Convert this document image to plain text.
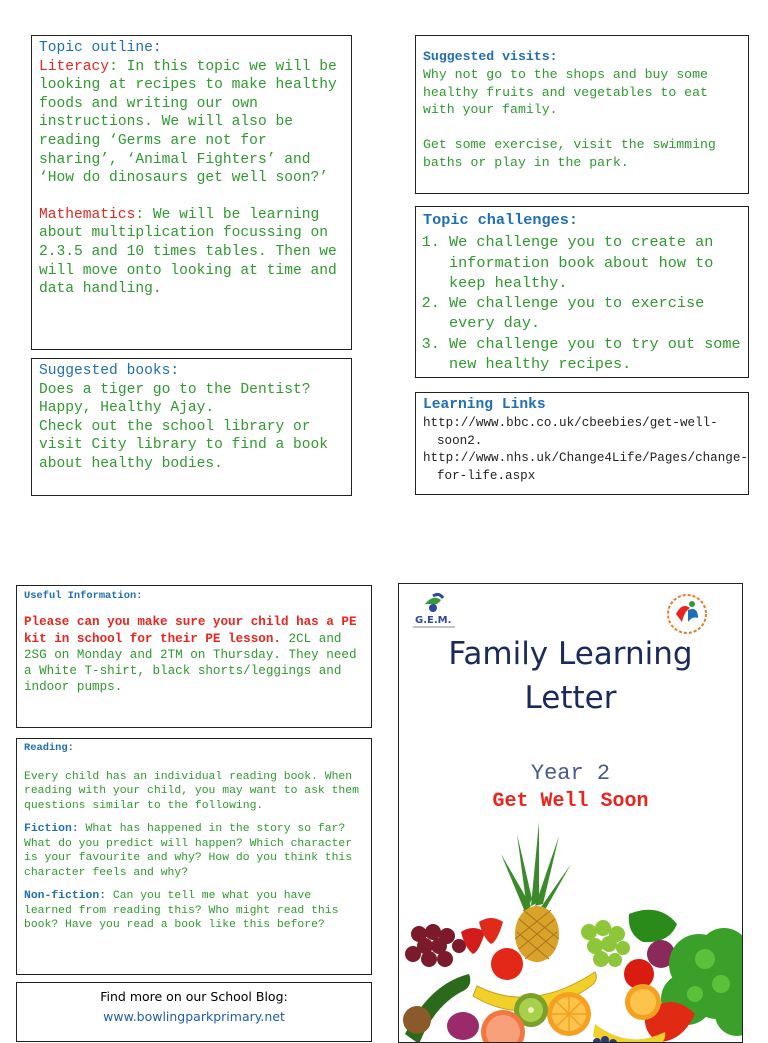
Topic outline:

Literacy: In this topic we will be looking at recipes to make healthy foods and writing our own instructions. We will also be reading ‘Germs are not for sharing’, ‘Animal Fighters’ and ‘How do dinosaurs get well soon?’

Mathematics: We will be learning about multiplication focussing on 2.3.5 and 10 times tables. Then we will move onto looking at time and data handling.

Suggested books:

Does a tiger go to the Dentist?

Happy, Healthy Ajay.

Check out the school library or visit City library to find a book about healthy bodies.

Suggested visits:

Why not go to the shops and buy some healthy fruits and vegetables to eat with your family.

Get some exercise, visit the swimming baths or play in the park.

Topic challenges:
1. We challenge you to create an information book about how to keep healthy.
2. We challenge you to exercise every day.
3. We challenge you to try out some new healthy recipes.
Learning Links
http://www.bbc.co.uk/cbeebies/get-well-soon2.
http://www.nhs.uk/Change4Life/Pages/change-for-life.aspx
Useful Information:

Please can you make sure your child has a PE kit in school for their PE lesson. 2CL and 2SG on Monday and 2TM on Thursday. They need a White T-shirt, black shorts/leggings and indoor pumps.

Reading:

Every child has an individual reading book. When reading with your child, you may want to ask them questions similar to the following.

Fiction: What has happened in the story so far? What do you predict will happen? Which character is your favourite and why? How do you think this character feels and why?

Non-fiction: Can you tell me what you have learned from reading this? Who might read this book? Have you read a book like this before?

Find more on our School Blog:
www.bowlingparkprimary.net
G.E.M.
Family Learning
Letter
Year 2
Get Well Soon
